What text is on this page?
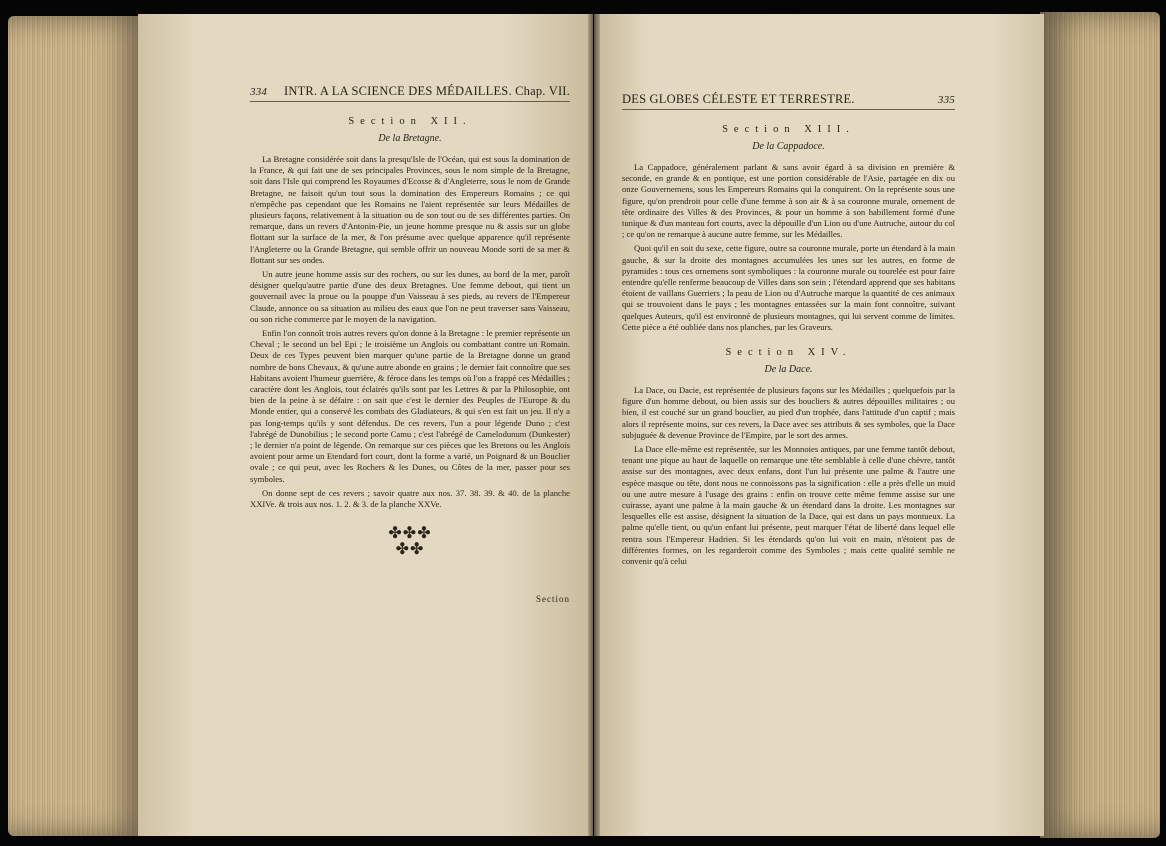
334 INTR. A LA SCIENCE DES MÉDAILLES. Chap. VII.
Section XII.
De la Bretagne.

La Bretagne considérée soit dans la presqu'Isle de l'Océan, qui est sous la domination de la France, & qui fait une de ses principales Provinces, sous le nom simple de la Bretagne, soit dans l'Isle qui comprend les Royaumes d'Ecosse & d'Angleterre, sous le nom de Grande Bretagne, ne faisoit qu'un tout sous la domination des Empereurs Romains ; ce qui n'empêche pas cependant que les Romains ne l'aient représentée sur leurs Médailles de plusieurs façons, relativement à la situation ou de son tout ou de ses différentes parties. On remarque, dans un revers d'Antonin-Pie, un jeune homme presque nu & assis sur un globe flottant sur la surface de la mer, & l'on présume avec quelque apparence qu'il représente l'Angleterre ou la Grande Bretagne, qui semble offrir un nouveau Monde sorti de sa mer & flottant sur ses ondes.

Un autre jeune homme assis sur des rochers, ou sur les dunes, au bord de la mer, paroît désigner quelqu'autre partie d'une des deux Bretagnes. Une femme debout, qui tient un gouvernail avec la proue ou la pouppe d'un Vaisseau à ses pieds, au revers de l'Empereur Claude, annonce ou sa situation au milieu des eaux que l'on ne peut traverser sans Vaisseau, ou son riche commerce par le moyen de la navigation.

Enfin l'on connoît trois autres revers qu'on donne à la Bretagne : le premier représente un Cheval ; le second un bel Epi ; le troisième un Anglois ou combattant contre un Romain. Deux de ces Types peuvent bien marquer qu'une partie de la Bretagne donne un grand nombre de bons Chevaux, & qu'une autre abonde en grains ; le dernier fait connoître que ses Habitans avoient l'humeur guerrière, & féroce dans les temps où l'on a frappé ces Médailles ; caractère dont les Anglois, tout éclairés qu'ils sont par les Lettres & par la Philosophie, ont bien de la peine à se défaire : on sait que c'est le dernier des Peuples de l'Europe & du Monde entier, qui a conservé les combats des Gladiateurs, & qui s'en est fait un jeu. Il n'y a pas long-temps qu'ils y sont défendus. De ces revers, l'un a pour légende Duno ; c'est l'abrégé de Dunobilius ; le second porte Camu ; c'est l'abrégé de Camelodunum (Dunkester) ; le dernier n'a point de légende. On remarque sur ces pièces que les Bretons ou les Anglois avoient pour arme un Etendard fort court, dont la forme a varié, un Poignard & un Bouclier ovale ; ce qui peut, avec les Rochers & les Dunes, ou Côtes de la mer, passer pour ses symboles.

On donne sept de ces revers ; savoir quatre aux nos. 37. 38. 39. & 40. de la planche XXIVe. & trois aux nos. 1. 2. & 3. de la planche XXVe.

✤✤✤
✤✤
Section
DES GLOBES CÉLESTE ET TERRESTRE.	335
Section XIII.
De la Cappadoce.

La Cappadoce, généralement parlant & sans avoir égard à sa division en première & seconde, en grande & en pontique, est une portion considérable de l'Asie, partagée en dix ou onze Gouvernemens, sous les Empereurs Romains qui la conquirent. On la représente sous une figure, qu'on prendroit pour celle d'une femme à son air & à sa couronne murale, ornement de tête ordinaire des Villes & des Provinces, & pour un homme à son habillement formé d'une tunique & d'un manteau fort courts, avec la dépouille d'un Lion ou d'une Autruche, autour du col ; ce qu'on ne remarque à aucune autre femme, sur les Médailles.

Quoi qu'il en soit du sexe, cette figure, outre sa couronne murale, porte un étendard à la main gauche, & sur la droite des montagnes accumulées les unes sur les autres, en forme de pyramides : tous ces ornemens sont symboliques : la couronne murale ou tourelée est pour faire entendre qu'elle renferme beaucoup de Villes dans son sein ; l'étendard apprend que ses habitans étoient de vaillans Guerriers ; la peau de Lion ou d'Autruche marque la quantité de ces animaux qui se trouvoient dans le pays ; les montagnes entassées sur la main font connoître, suivant quelques Auteurs, qu'il est environné de plusieurs montagnes, qui lui servent comme de limites. Cette pièce a été oubliée dans nos planches, par les Graveurs.

Section XIV.
De la Dace.

La Dace, ou Dacie, est représentée de plusieurs façons sur les Médailles ; quelquefois par la figure d'un homme debout, ou bien assis sur des boucliers & autres dépouilles militaires ; ou bien, il est couché sur un grand bouclier, au pied d'un trophée, dans l'attitude d'un captif ; mais alors il représente moins, sur ces revers, la Dace avec ses attributs & ses symboles, que la Dace subjuguée & devenue Province de l'Empire, par le sort des armes.

La Dace elle-même est représentée, sur les Monnoies antiques, par une femme tantôt debout, tenant une pique au haut de laquelle on remarque une tête semblable à celle d'une chèvre, tantôt assise sur des montagnes, avec deux enfans, dont l'un lui présente une palme & l'autre une espèce masque ou tête, dont nous ne connoissons pas la signification : elle a près d'elle un muid ou une autre mesure à l'usage des grains : enfin on trouve cette même femme assise sur une cuirasse, ayant une palme à la main gauche & un étendard dans la droite. Les montagnes sur lesquelles elle est assise, désignent la situation de la Dace, qui est dans un pays montueux. La palme qu'elle tient, ou qu'un enfant lui présente, peut marquer l'état de liberté dans lequel elle rentra sous l'Empereur Hadrien. Si les étendards qu'on lui voit en main, n'étoient pas de différentes formes, on les regarderoit comme des Symboles ; mais cette qualité semble ne convenir qu'à celui
